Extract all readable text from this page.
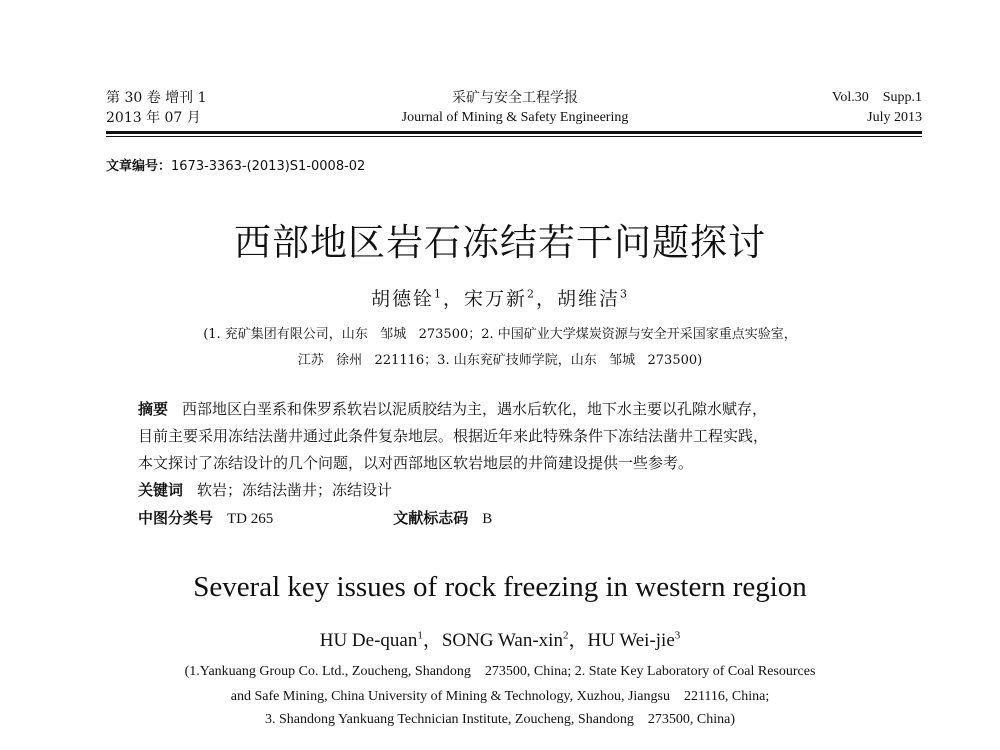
第 30 卷 增刊 1
2013 年 07 月
采矿与安全工程学报
Journal of Mining & Safety Engineering
Vol.30    Supp.1
July 2013
文章编号：1673-3363-(2013)S1-0008-02
西部地区岩石冻结若干问题探讨
胡德铨$^1$，宋万新$^2$，胡维洁$^3$
(1. 兖矿集团有限公司，山东   邹城   273500；2. 中国矿业大学煤炭资源与安全开采国家重点实验室，
江苏   徐州   221116；3. 山东兖矿技师学院，山东   邹城   273500)
摘要 西部地区白垩系和侏罗系软岩以泥质胶结为主，遇水后软化，地下水主要以孔隙水赋存，
目前主要采用冻结法凿井通过此条件复杂地层。根据近年来此特殊条件下冻结法凿井工程实践，
本文探讨了冻结设计的几个问题，以对西部地区软岩地层的井筒建设提供一些参考。
关键词 软岩；冻结法凿井；冻结设计
中图分类号 TD 265	文献标志码 B
Several key issues of rock freezing in western region
HU De-quan$^1$，SONG Wan-xin$^2$，HU Wei-jie$^3$
(1.Yankuang Group Co. Ltd., Zoucheng, Shandong    273500, China; 2. State Key Laboratory of Coal Resources
and Safe Mining, China University of Mining & Technology, Xuzhou, Jiangsu    221116, China;
3. Shandong Yankuang Technician Institute, Zoucheng, Shandong    273500, China)
